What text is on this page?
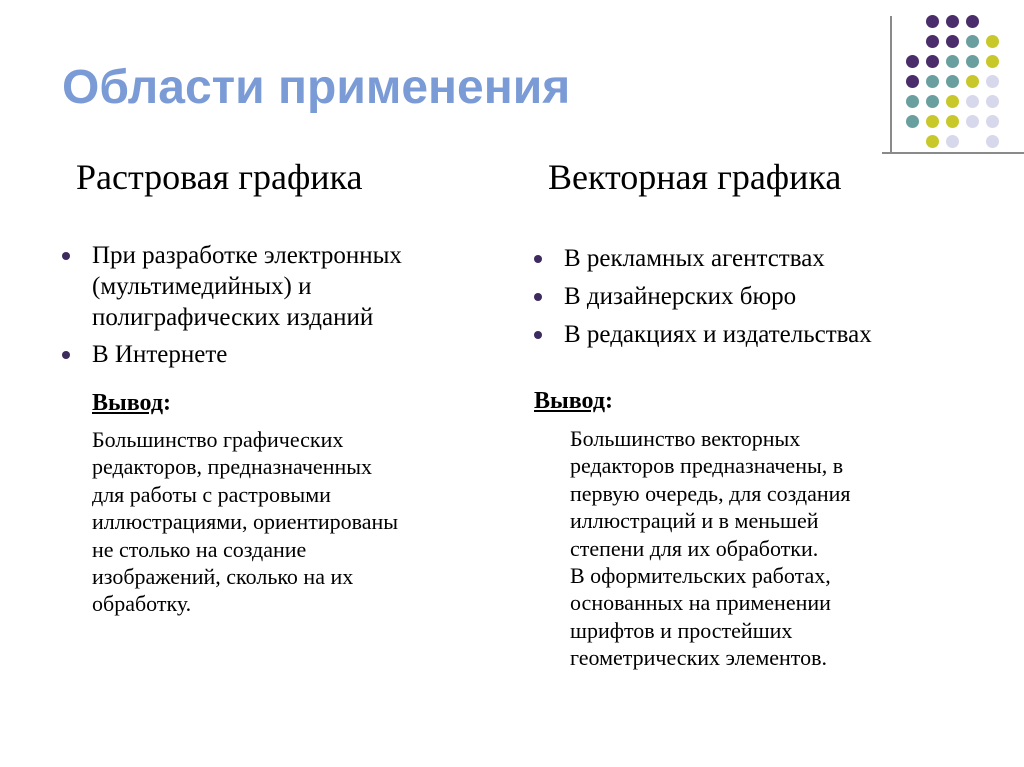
Области применения
Растровая графика
При разработке электронных (мультимедийных) и полиграфических изданий
В Интернете
Вывод:
Большинство графических
редакторов, предназначенных
для работы с растровыми
иллюстрациями, ориентированы
не столько на создание
изображений, сколько на их
обработку.
Векторная графика
В рекламных агентствах
В дизайнерских бюро
В редакциях и издательствах
Вывод:
Большинство векторных
редакторов предназначены, в
первую очередь, для создания
иллюстраций и в меньшей
степени для их обработки.
В оформительских работах,
основанных на применении
шрифтов и простейших
геометрических элементов.
